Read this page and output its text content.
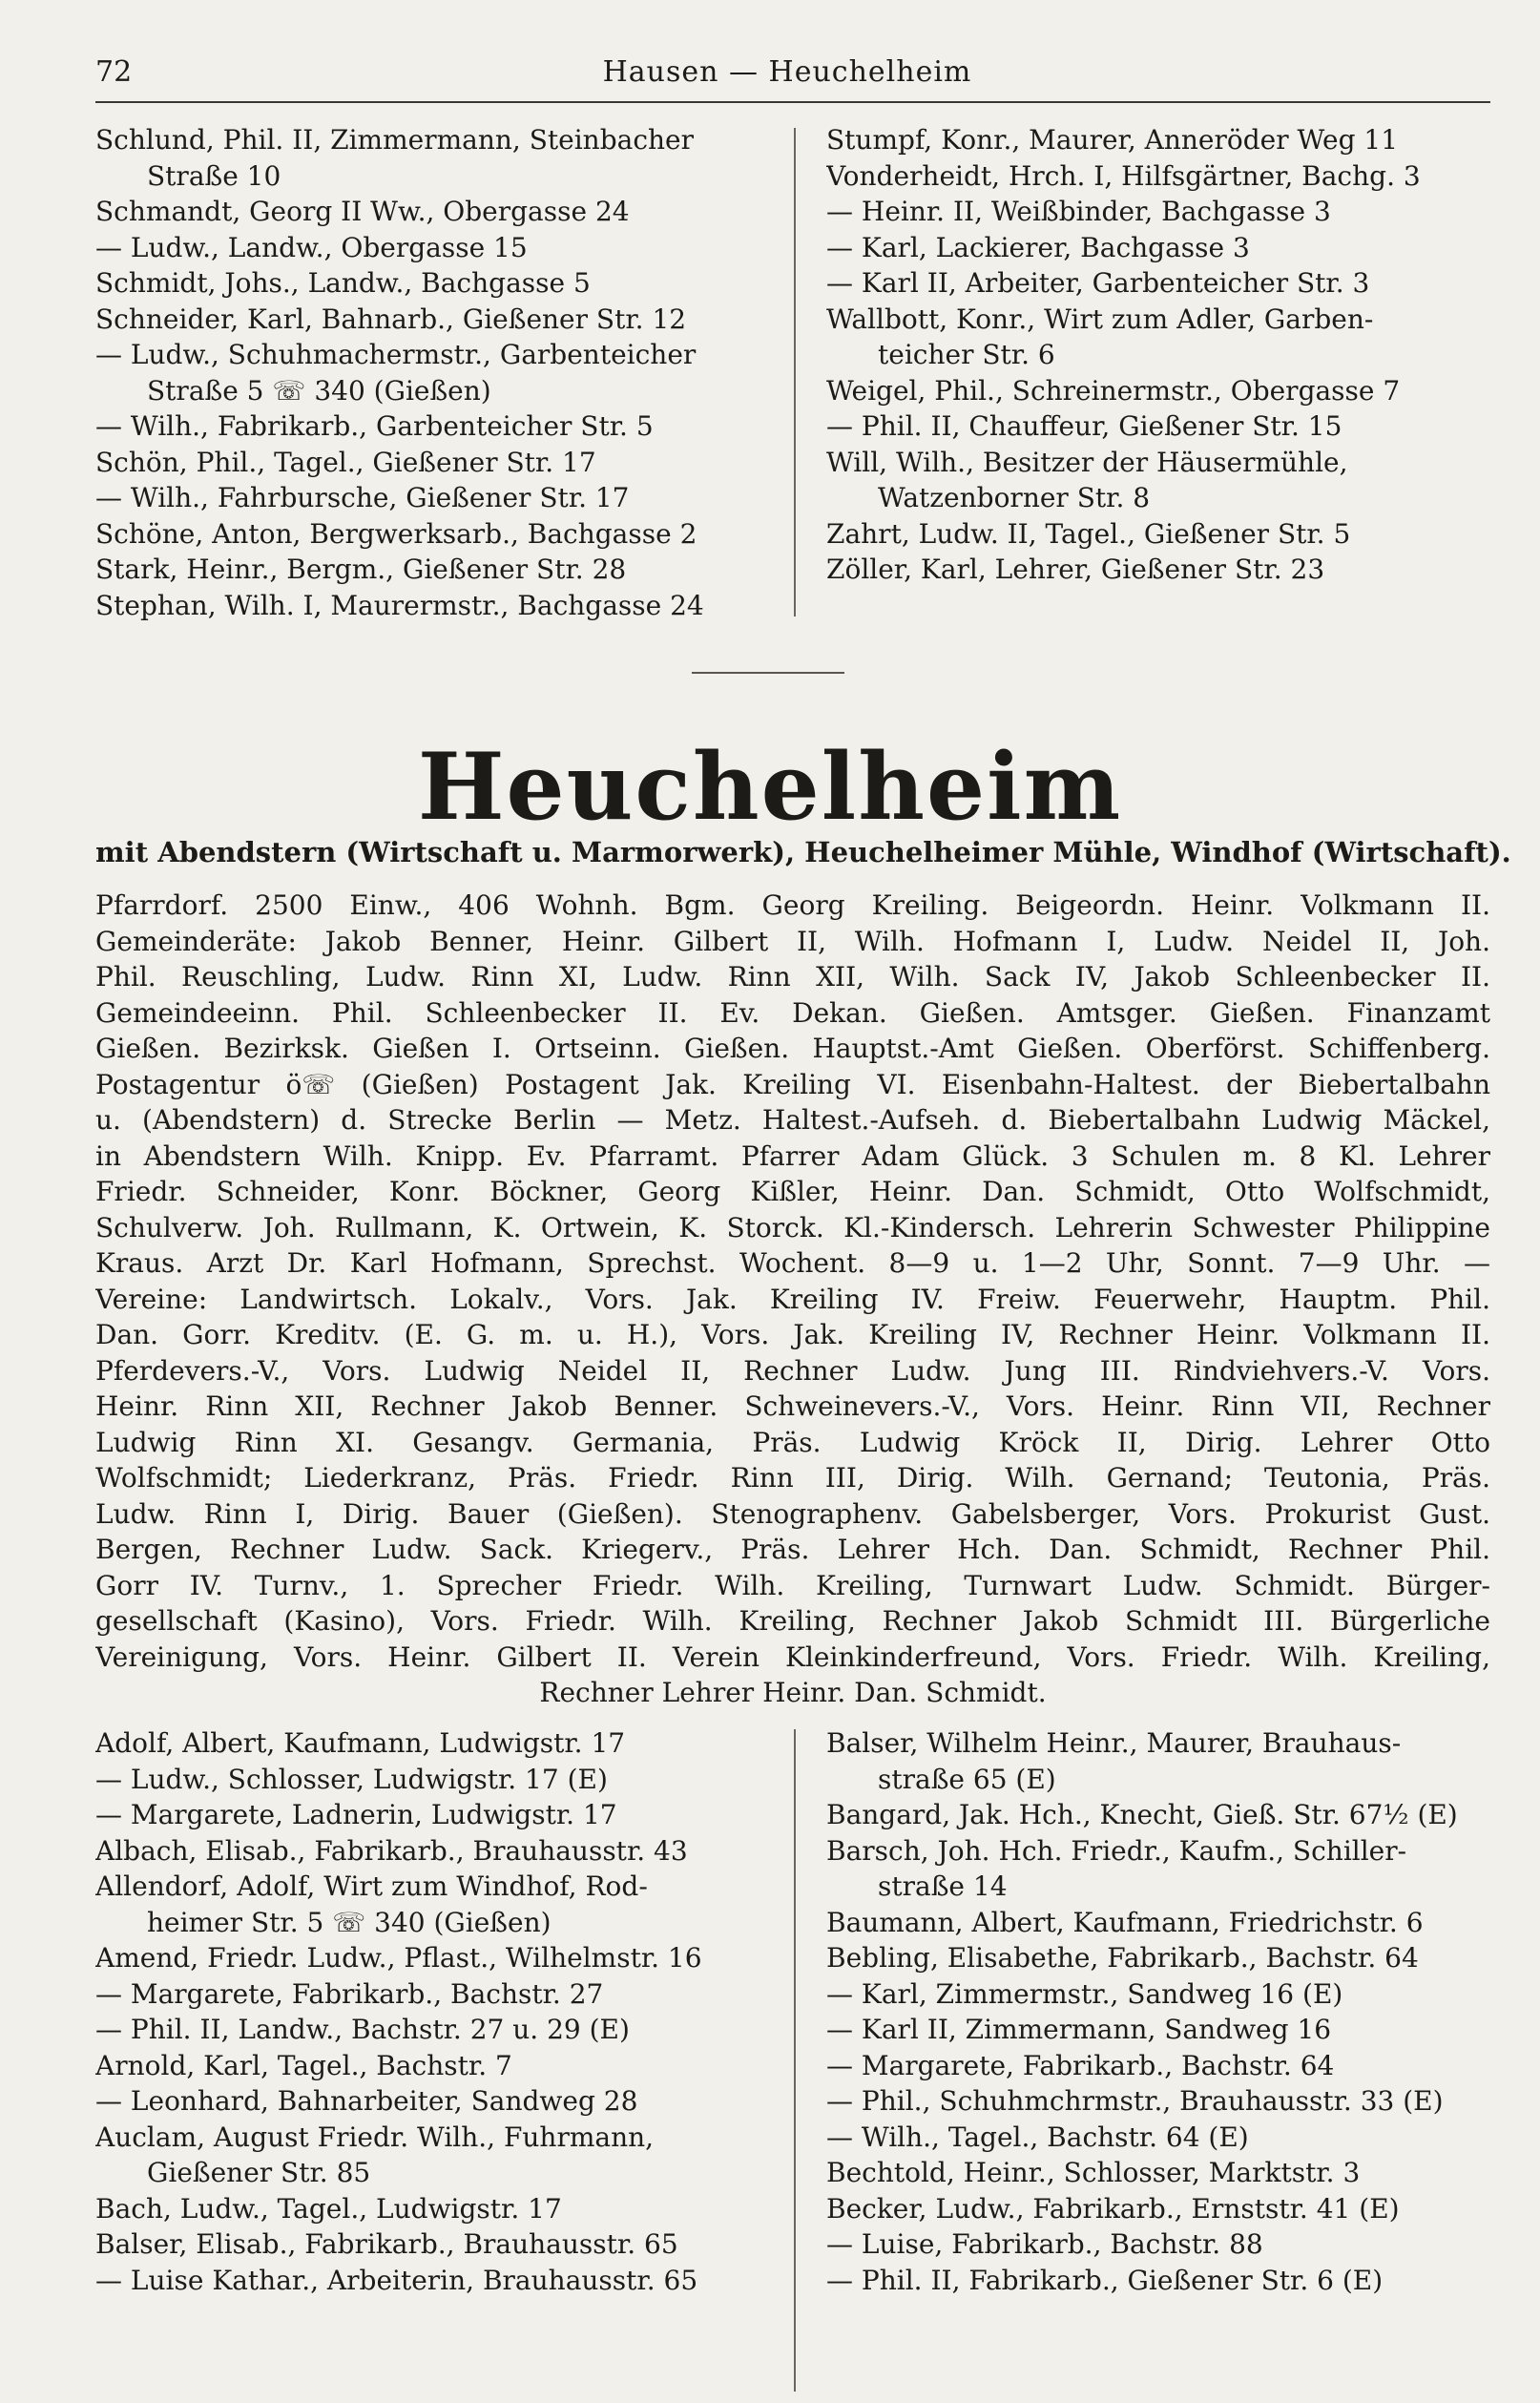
72	Hausen — Heuchelheim
Schlund, Phil. II, Zimmermann, Steinbacher
Straße 10
Schmandt, Georg II Ww., Obergasse 24
— Ludw., Landw., Obergasse 15
Schmidt, Johs., Landw., Bachgasse 5
Schneider, Karl, Bahnarb., Gießener Str. 12
— Ludw., Schuhmachermstr., Garbenteicher
Straße 5 ☏ 340 (Gießen)
— Wilh., Fabrikarb., Garbenteicher Str. 5
Schön, Phil., Tagel., Gießener Str. 17
— Wilh., Fahrbursche, Gießener Str. 17
Schöne, Anton, Bergwerksarb., Bachgasse 2
Stark, Heinr., Bergm., Gießener Str. 28
Stephan, Wilh. I, Maurermstr., Bachgasse 24
Stumpf, Konr., Maurer, Anneröder Weg 11
Vonderheidt, Hrch. I, Hilfsgärtner, Bachg. 3
— Heinr. II, Weißbinder, Bachgasse 3
— Karl, Lackierer, Bachgasse 3
— Karl II, Arbeiter, Garbenteicher Str. 3
Wallbott, Konr., Wirt zum Adler, Garben-
teicher Str. 6
Weigel, Phil., Schreinermstr., Obergasse 7
— Phil. II, Chauffeur, Gießener Str. 15
Will, Wilh., Besitzer der Häusermühle,
Watzenborner Str. 8
Zahrt, Ludw. II, Tagel., Gießener Str. 5
Zöller, Karl, Lehrer, Gießener Str. 23
Heuchelheim
mit Abendstern (Wirtschaft u. Marmorwerk), Heuchelheimer Mühle, Windhof (Wirtschaft).
Pfarrdorf. 2500 Einw., 406 Wohnh. Bgm. Georg Kreiling. Beigeordn. Heinr. Volkmann II.
Gemeinderäte: Jakob Benner, Heinr. Gilbert II, Wilh. Hofmann I, Ludw. Neidel II, Joh.
Phil. Reuschling, Ludw. Rinn XI, Ludw. Rinn XII, Wilh. Sack IV, Jakob Schleenbecker II.
Gemeindeeinn. Phil. Schleenbecker II. Ev. Dekan. Gießen. Amtsger. Gießen. Finanzamt
Gießen. Bezirksk. Gießen I. Ortseinn. Gießen. Hauptst.-Amt Gießen. Oberförst. Schiffenberg.
Postagentur ö☏ (Gießen) Postagent Jak. Kreiling VI. Eisenbahn-Haltest. der Biebertalbahn
u. (Abendstern) d. Strecke Berlin — Metz. Haltest.-Aufseh. d. Biebertalbahn Ludwig Mäckel,
in Abendstern Wilh. Knipp. Ev. Pfarramt. Pfarrer Adam Glück. 3 Schulen m. 8 Kl. Lehrer
Friedr. Schneider, Konr. Böckner, Georg Kißler, Heinr. Dan. Schmidt, Otto Wolfschmidt,
Schulverw. Joh. Rullmann, K. Ortwein, K. Storck. Kl.-Kindersch. Lehrerin Schwester Philippine
Kraus. Arzt Dr. Karl Hofmann, Sprechst. Wochent. 8—9 u. 1—2 Uhr, Sonnt. 7—9 Uhr. —
Vereine: Landwirtsch. Lokalv., Vors. Jak. Kreiling IV. Freiw. Feuerwehr, Hauptm. Phil.
Dan. Gorr. Kreditv. (E. G. m. u. H.), Vors. Jak. Kreiling IV, Rechner Heinr. Volkmann II.
Pferdevers.-V., Vors. Ludwig Neidel II, Rechner Ludw. Jung III. Rindviehvers.-V. Vors.
Heinr. Rinn XII, Rechner Jakob Benner. Schweinevers.-V., Vors. Heinr. Rinn VII, Rechner
Ludwig Rinn XI. Gesangv. Germania, Präs. Ludwig Kröck II, Dirig. Lehrer Otto
Wolfschmidt; Liederkranz, Präs. Friedr. Rinn III, Dirig. Wilh. Gernand; Teutonia, Präs.
Ludw. Rinn I, Dirig. Bauer (Gießen). Stenographenv. Gabelsberger, Vors. Prokurist Gust.
Bergen, Rechner Ludw. Sack. Kriegerv., Präs. Lehrer Hch. Dan. Schmidt, Rechner Phil.
Gorr IV. Turnv., 1. Sprecher Friedr. Wilh. Kreiling, Turnwart Ludw. Schmidt. Bürger-
gesellschaft (Kasino), Vors. Friedr. Wilh. Kreiling, Rechner Jakob Schmidt III. Bürgerliche
Vereinigung, Vors. Heinr. Gilbert II. Verein Kleinkinderfreund, Vors. Friedr. Wilh. Kreiling,
Rechner Lehrer Heinr. Dan. Schmidt.
Adolf, Albert, Kaufmann, Ludwigstr. 17
— Ludw., Schlosser, Ludwigstr. 17 (E)
— Margarete, Ladnerin, Ludwigstr. 17
Albach, Elisab., Fabrikarb., Brauhausstr. 43
Allendorf, Adolf, Wirt zum Windhof, Rod-
heimer Str. 5 ☏ 340 (Gießen)
Amend, Friedr. Ludw., Pflast., Wilhelmstr. 16
— Margarete, Fabrikarb., Bachstr. 27
— Phil. II, Landw., Bachstr. 27 u. 29 (E)
Arnold, Karl, Tagel., Bachstr. 7
— Leonhard, Bahnarbeiter, Sandweg 28
Auclam, August Friedr. Wilh., Fuhrmann,
Gießener Str. 85
Bach, Ludw., Tagel., Ludwigstr. 17
Balser, Elisab., Fabrikarb., Brauhausstr. 65
— Luise Kathar., Arbeiterin, Brauhausstr. 65
Balser, Wilhelm Heinr., Maurer, Brauhaus-
straße 65 (E)
Bangard, Jak. Hch., Knecht, Gieß. Str. 67½ (E)
Barsch, Joh. Hch. Friedr., Kaufm., Schiller-
straße 14
Baumann, Albert, Kaufmann, Friedrichstr. 6
Bebling, Elisabethe, Fabrikarb., Bachstr. 64
— Karl, Zimmermstr., Sandweg 16 (E)
— Karl II, Zimmermann, Sandweg 16
— Margarete, Fabrikarb., Bachstr. 64
— Phil., Schuhmchrmstr., Brauhausstr. 33 (E)
— Wilh., Tagel., Bachstr. 64 (E)
Bechtold, Heinr., Schlosser, Marktstr. 3
Becker, Ludw., Fabrikarb., Ernststr. 41 (E)
— Luise, Fabrikarb., Bachstr. 88
— Phil. II, Fabrikarb., Gießener Str. 6 (E)
